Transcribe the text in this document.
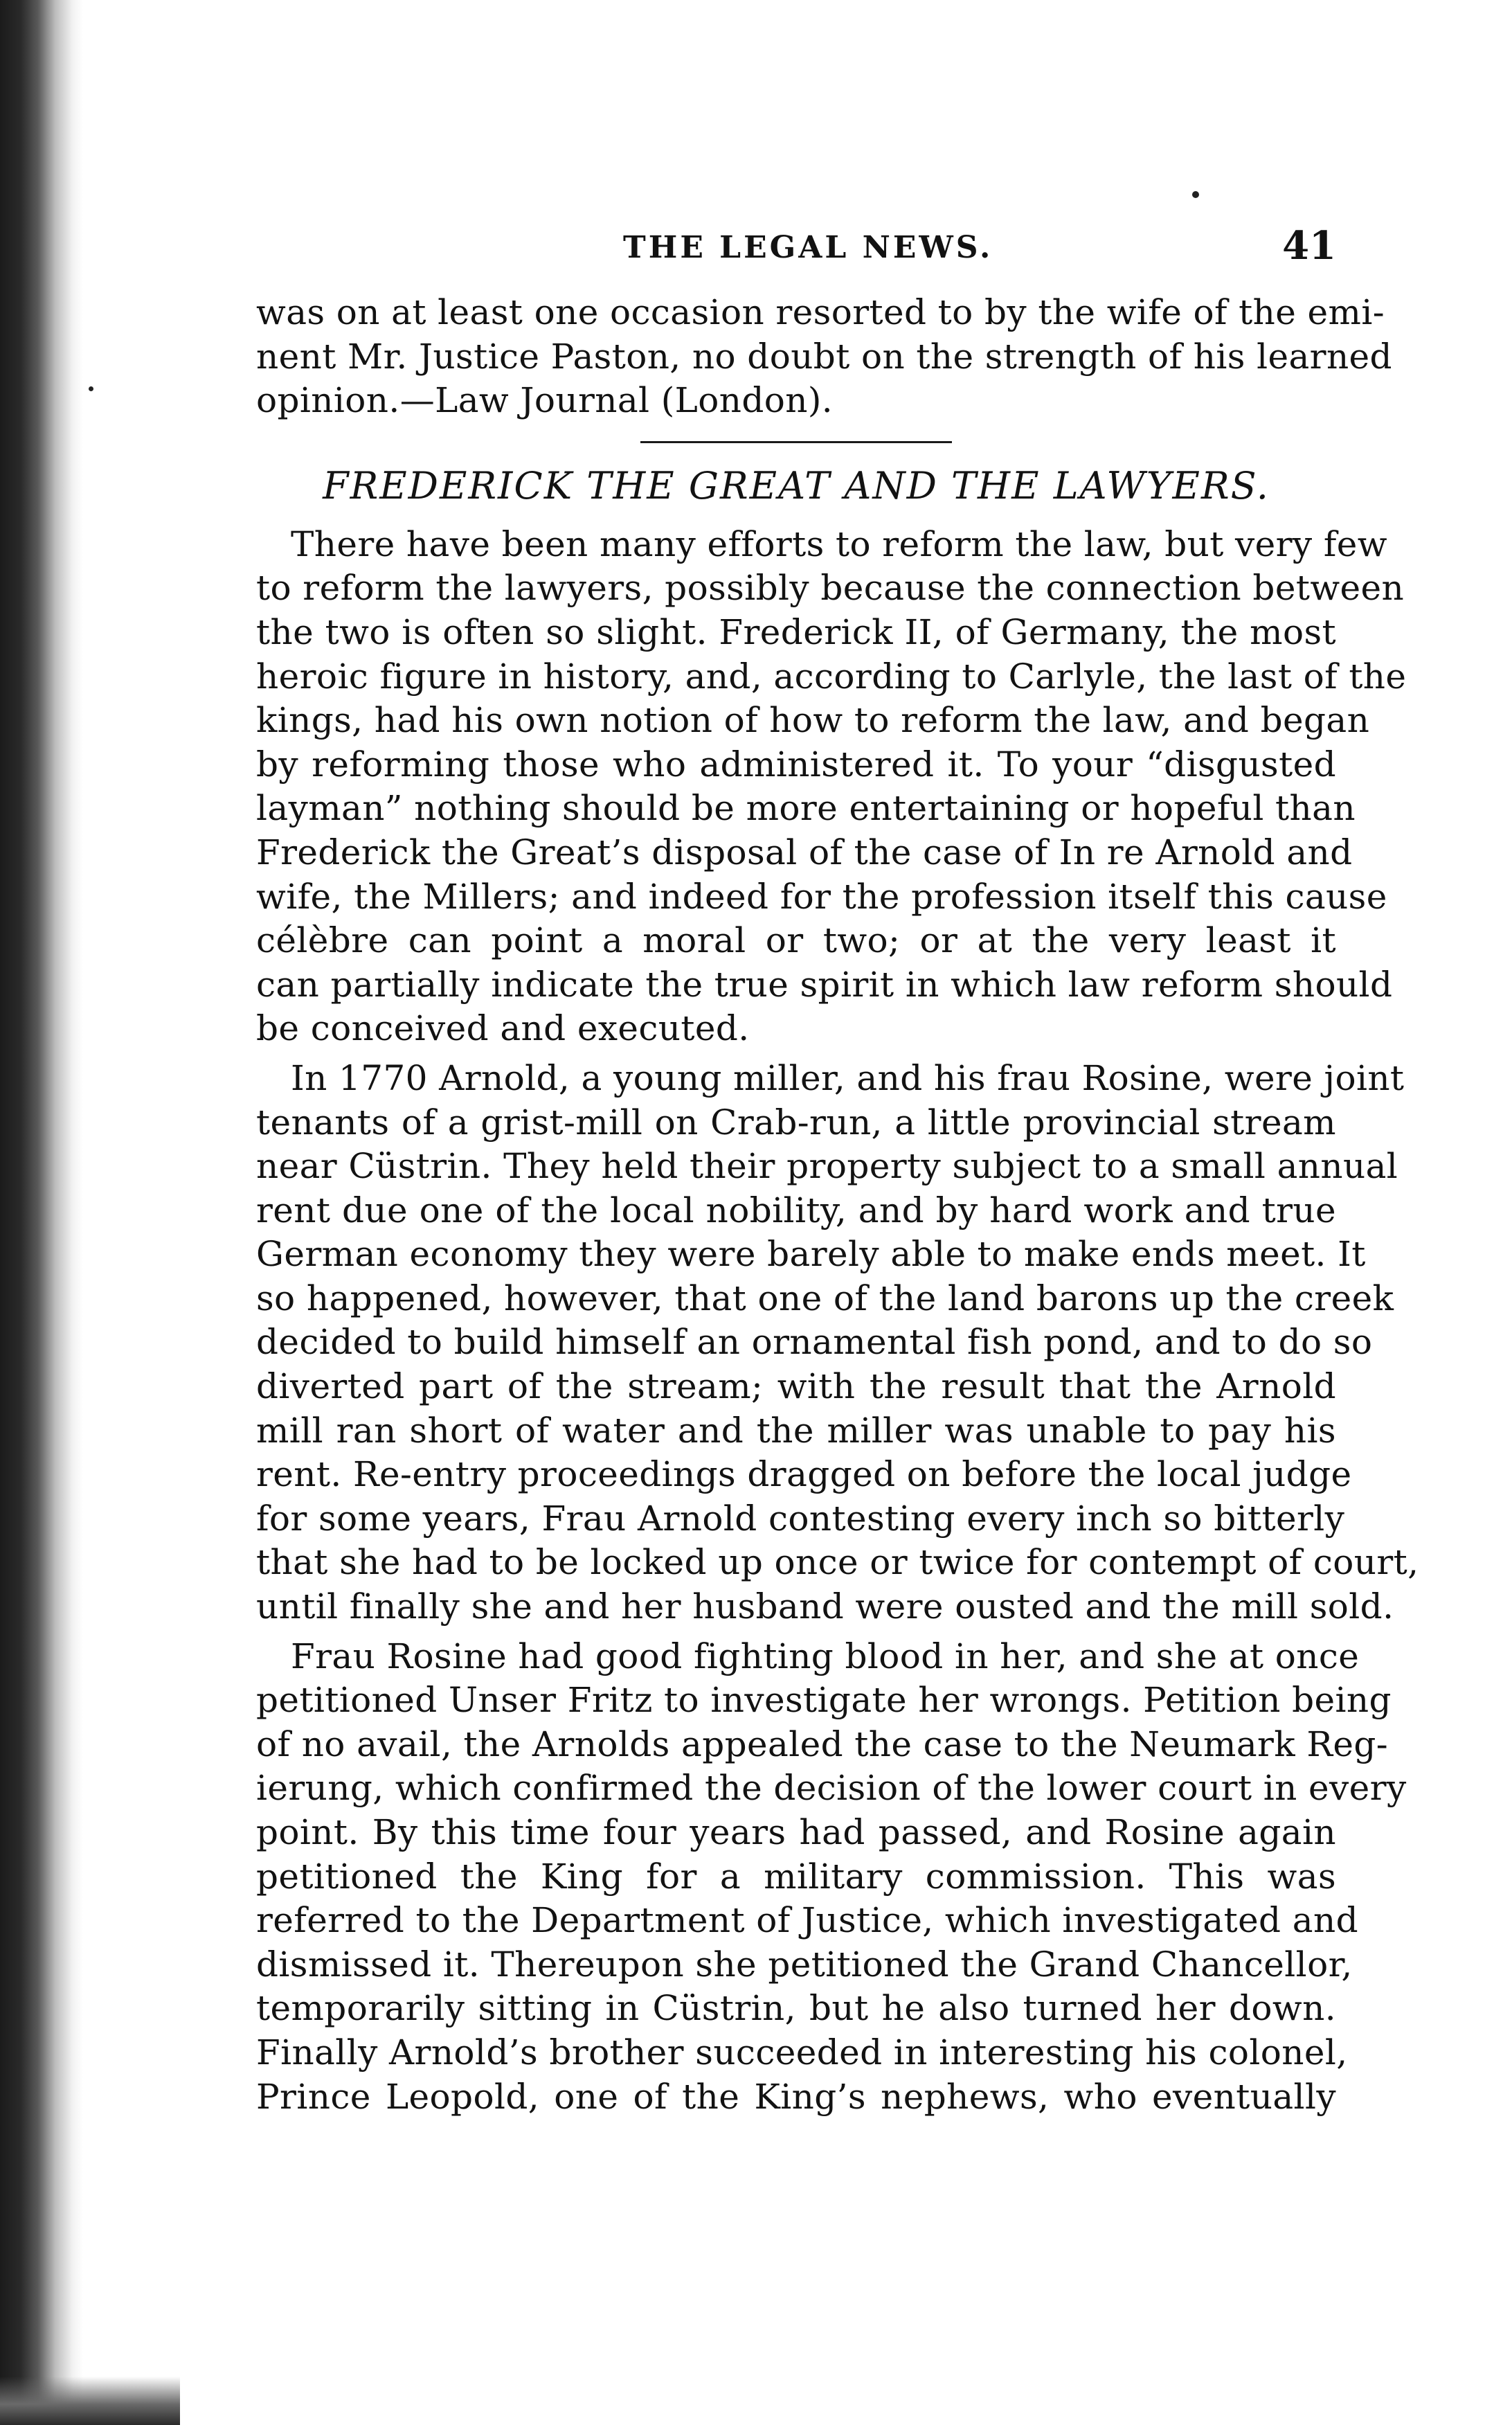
THE LEGAL NEWS.	41
was on at least one occasion resorted to by the wife of the emi-
nent Mr. Justice Paston, no doubt on the strength of his learned
opinion.—Law Journal (London).
FREDERICK THE GREAT AND THE LAWYERS.
There have been many efforts to reform the law, but very few
to reform the lawyers, possibly because the connection between
the two is often so slight. Frederick II, of Germany, the most
heroic figure in history, and, according to Carlyle, the last of the
kings, had his own notion of how to reform the law, and began
by reforming those who administered it. To your “disgusted
layman” nothing should be more entertaining or hopeful than
Frederick the Great’s disposal of the case of In re Arnold and
wife, the Millers; and indeed for the profession itself this cause
célèbre can point a moral or two; or at the very least it
can partially indicate the true spirit in which law reform should
be conceived and executed.
In 1770 Arnold, a young miller, and his frau Rosine, were joint
tenants of a grist-mill on Crab-run, a little provincial stream
near Cüstrin. They held their property subject to a small annual
rent due one of the local nobility, and by hard work and true
German economy they were barely able to make ends meet. It
so happened, however, that one of the land barons up the creek
decided to build himself an ornamental fish pond, and to do so
diverted part of the stream; with the result that the Arnold
mill ran short of water and the miller was unable to pay his
rent. Re-entry proceedings dragged on before the local judge
for some years, Frau Arnold contesting every inch so bitterly
that she had to be locked up once or twice for contempt of court,
until finally she and her husband were ousted and the mill sold.
Frau Rosine had good fighting blood in her, and she at once
petitioned Unser Fritz to investigate her wrongs. Petition being
of no avail, the Arnolds appealed the case to the Neumark Reg-
ierung, which confirmed the decision of the lower court in every
point. By this time four years had passed, and Rosine again
petitioned the King for a military commission. This was
referred to the Department of Justice, which investigated and
dismissed it. Thereupon she petitioned the Grand Chancellor,
temporarily sitting in Cüstrin, but he also turned her down.
Finally Arnold’s brother succeeded in interesting his colonel,
Prince Leopold, one of the King’s nephews, who eventually
